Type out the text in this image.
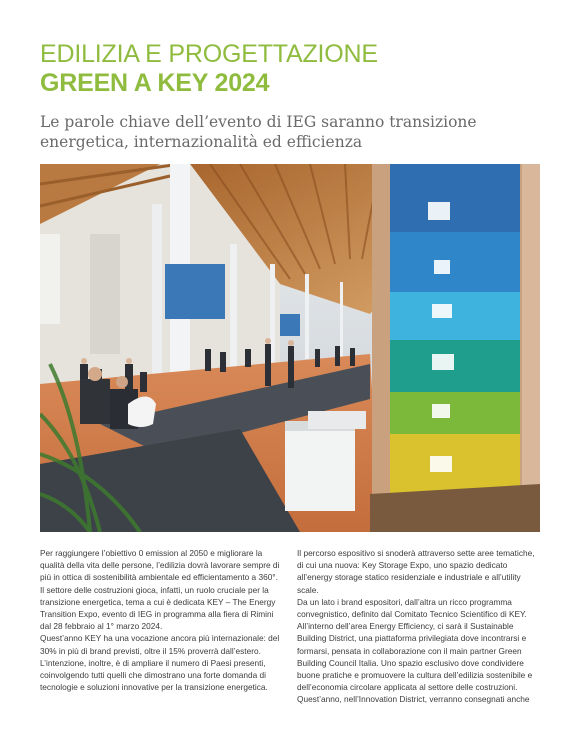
EDILIZIA E PROGETTAZIONE
GREEN A KEY 2024
Le parole chiave dell’evento di IEG saranno transizione energetica, internazionalità ed efficienza

Per raggiungere l’obiettivo 0 emission al 2050 e migliorare la qualità della vita delle persone, l’edilizia dovrà lavorare sempre di più in ottica di sostenibilità ambientale ed efficientamento a 360°. Il settore delle costruzioni gioca, infatti, un ruolo cruciale per la transizione energetica, tema a cui è dedicata KEY – The Energy Transition Expo, evento di IEG in programma alla fiera di Rimini dal 28 febbraio al 1° marzo 2024.

Quest’anno KEY ha una vocazione ancora più internazionale: del 30% in più di brand previsti, oltre il 15% proverrà dall’estero. L’intenzione, inoltre, è di ampliare il numero di Paesi presenti, coinvolgendo tutti quelli che dimostrano una forte domanda di tecnologie e soluzioni innovative per la transizione energetica.

Il percorso espositivo si snoderà attraverso sette aree tematiche, di cui una nuova: Key Storage Expo, uno spazio dedicato all’energy storage statico residenziale e industriale e all’utility scale.

Da un lato i brand espositori, dall’altra un ricco programma convegnistico, definito dal Comitato Tecnico Scientifico di KEY.

All’interno dell’area Energy Efficiency, ci sarà il Sustainable Building District, una piattaforma privilegiata dove incontrarsi e formarsi, pensata in collaborazione con il main partner Green Building Council Italia. Uno spazio esclusivo dove condividere buone pratiche e promuovere la cultura dell’edilizia sostenibile e dell’economia circolare applicata al settore delle costruzioni.

Quest’anno, nell’Innovation District, verranno consegnati anche
